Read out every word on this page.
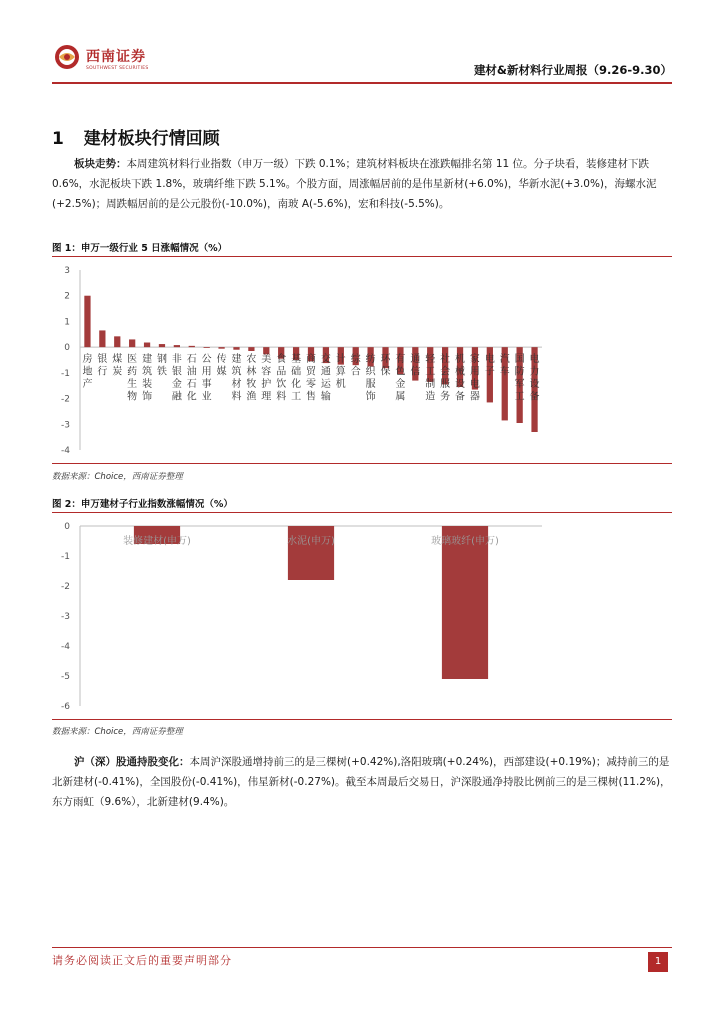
西南证券
SOUTHWEST SECURITIES	建材&新材料行业周报（9.26-9.30）
1 建材板块行情回顾
板块走势：本周建筑材料行业指数（申万一级）下跌 0.1%；建筑材料板块在涨跌幅排名第 11 位。分子块看，装修建材下跌 0.6%，水泥板块下跌 1.8%，玻璃纤维下跌 5.1%。个股方面，周涨幅居前的是伟星新材(+6.0%)，华新水泥(+3.0%)，海螺水泥(+2.5%)；周跌幅居前的是公元股份(-10.0%)，南玻 A(-5.6%)，宏和科技(-5.5%)。
图 1：申万一级行业 5 日涨幅情况（%）
3
2
1
0
-1
-2
-3
-4
房地产
银行
煤炭
医药生物
建筑装饰
钢铁
非银金融
石油石化
公用事业
传媒
建筑材料
农林牧渔
美容护理
食品饮料
基础化工
商贸零售
交通运输
计算机
综合
纺织服饰
环保
有色金属
通信
轻工制造
社会服务
机械设备
家用电器
电子
汽车
国防军工
电力设备
数据来源：Choice，西南证券整理
图 2：申万建材子行业指数涨幅情况（%）
0
-1
-2
-3
-4
-5
-6
装修建材(申万)	水泥(申万)	玻璃玻纤(申万)
数据来源：Choice，西南证券整理
沪（深）股通持股变化：本周沪深股通增持前三的是三棵树(+0.42%),洛阳玻璃(+0.24%)，西部建设(+0.19%)；减持前三的是北新建材(-0.41%)，全国股份(-0.41%)，伟星新材(-0.27%)。截至本周最后交易日，沪深股通净持股比例前三的是三棵树(11.2%)，东方雨虹（9.6%），北新建材(9.4%)。
请务必阅读正文后的重要声明部分	1
